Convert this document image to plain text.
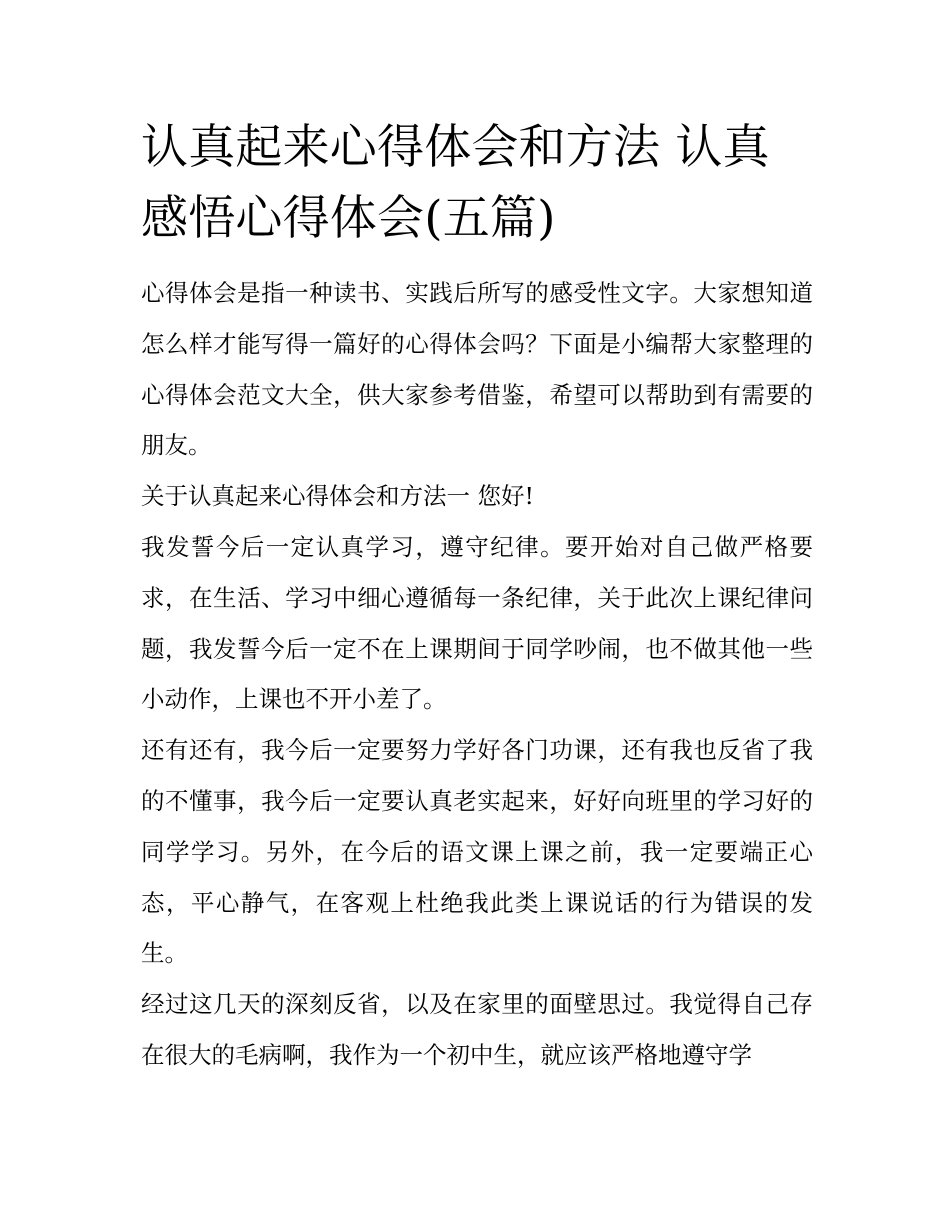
认真起来心得体会和方法 认真感悟心得体会(五篇)

心得体会是指一种读书、实践后所写的感受性文字。大家想知道怎么样才能写得一篇好的心得体会吗？下面是小编帮大家整理的心得体会范文大全，供大家参考借鉴，希望可以帮助到有需要的朋友。

关于认真起来心得体会和方法一 您好!

我发誓今后一定认真学习，遵守纪律。要开始对自己做严格要求，在生活、学习中细心遵循每一条纪律，关于此次上课纪律问题，我发誓今后一定不在上课期间于同学吵闹，也不做其他一些小动作，上课也不开小差了。

还有还有，我今后一定要努力学好各门功课，还有我也反省了我的不懂事，我今后一定要认真老实起来，好好向班里的学习好的同学学习。另外，在今后的语文课上课之前，我一定要端正心态，平心静气，在客观上杜绝我此类上课说话的行为错误的发生。

经过这几天的深刻反省，以及在家里的面壁思过。我觉得自己存在很大的毛病啊，我作为一个初中生，就应该严格地遵守学
